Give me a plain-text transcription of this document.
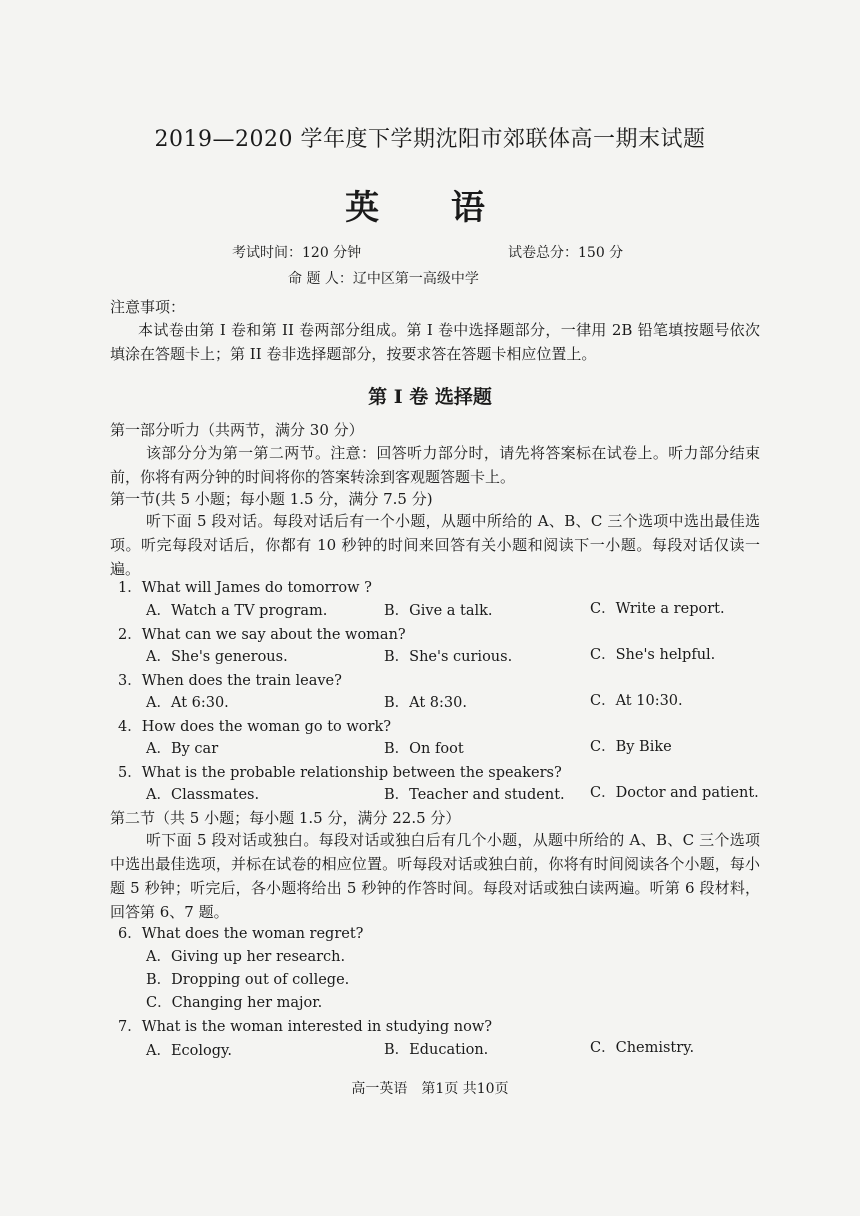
2019—2020 学年度下学期沈阳市郊联体高一期末试题
英 语
考试时间：120 分钟	试卷总分：150 分
命 题 人：辽中区第一高级中学
注意事项：
本试卷由第 I 卷和第 II 卷两部分组成。第 I 卷中选择题部分，一律用 2B 铅笔填按题号依次填涂在答题卡上；第 II 卷非选择题部分，按要求答在答题卡相应位置上。
第 I 卷 选择题
第一部分听力（共两节，满分 30 分）
该部分分为第一第二两节。注意：回答听力部分时，请先将答案标在试卷上。听力部分结束前，你将有两分钟的时间将你的答案转涂到客观题答题卡上。
第一节(共 5 小题；每小题 1.5 分，满分 7.5 分)
听下面 5 段对话。每段对话后有一个小题，从题中所给的 A、B、C 三个选项中选出最佳选项。听完每段对话后，你都有 10 秒钟的时间来回答有关小题和阅读下一小题。每段对话仅读一遍。
1．What will James do tomorrow ?
A．Watch a TV program.	B．Give a talk.	C．Write a report.
2．What can we say about the woman?
A．She's generous.	B．She's curious.	C．She's helpful.
3．When does the train leave?
A．At 6:30.	B．At 8:30.	C．At 10:30.
4．How does the woman go to work?
A．By car	B．On foot	C．By Bike
5．What is the probable relationship between the speakers?
A．Classmates.	B．Teacher and student. C．Doctor and patient.
第二节（共 5 小题；每小题 1.5 分，满分 22.5 分）
听下面 5 段对话或独白。每段对话或独白后有几个小题，从题中所给的 A、B、C 三个选项中选出最佳选项，并标在试卷的相应位置。听每段对话或独白前，你将有时间阅读各个小题，每小题 5 秒钟；听完后，各小题将给出 5 秒钟的作答时间。每段对话或独白读两遍。听第 6 段材料，回答第 6、7 题。
6．What does the woman regret?
A．Giving up her research.
B．Dropping out of college.
C．Changing her major.
7．What is the woman interested in studying now?
A．Ecology.	B．Education.	C．Chemistry.
高一英语　第1页 共10页
